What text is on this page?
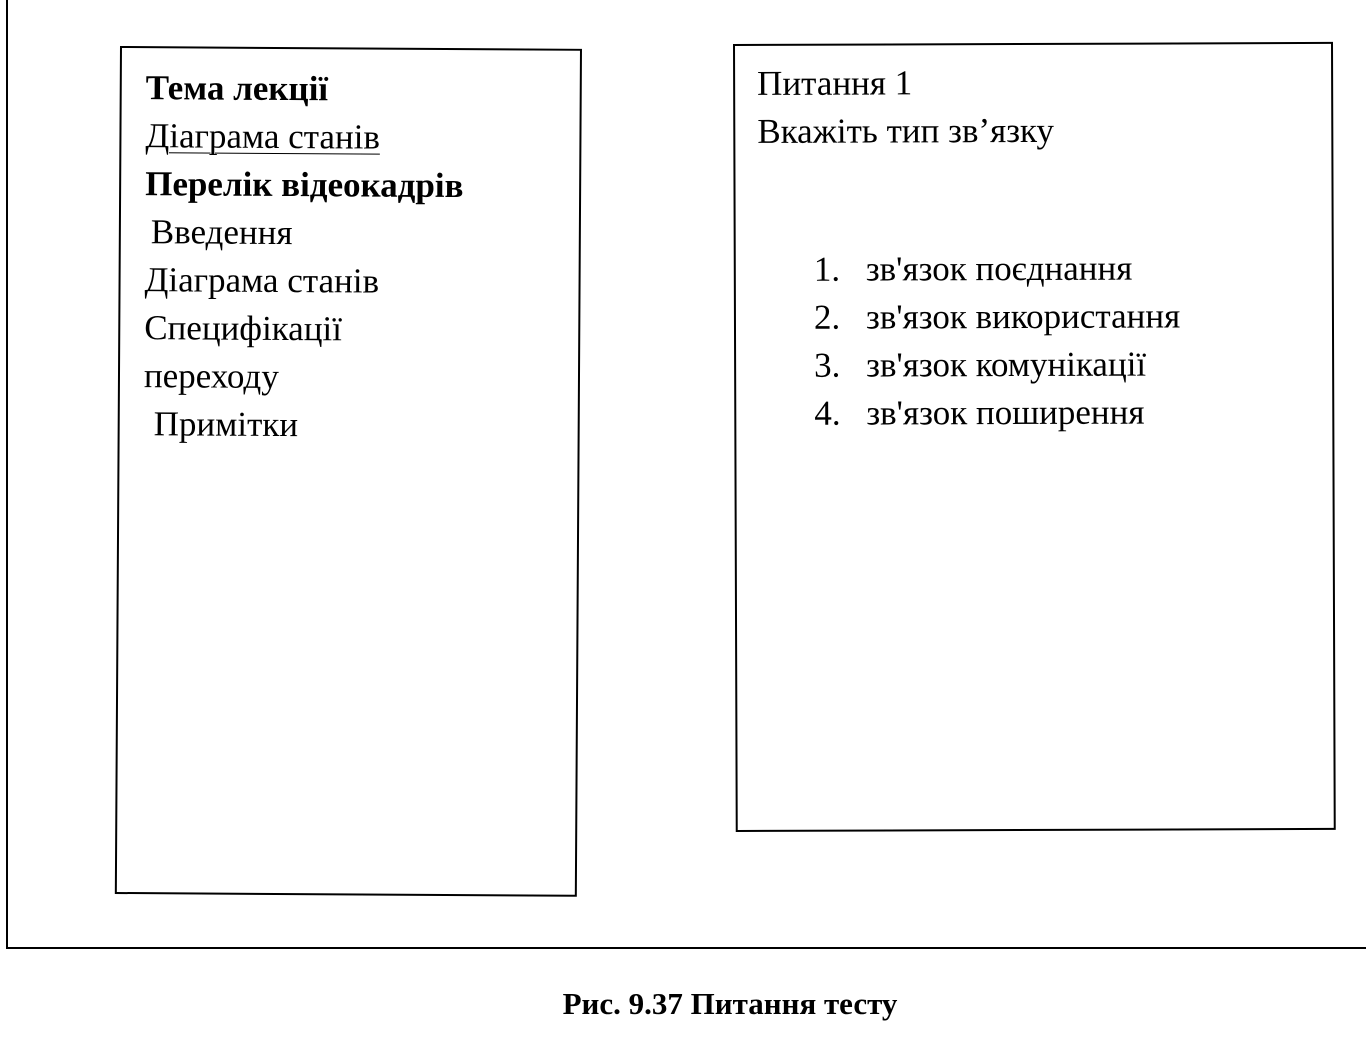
Тема лекції
Діаграма станів
Перелік відеокадрів
Введення
Діаграма станів
Специфікації
переходу
Примітки
Питання 1
Вкажіть тип зв’язку
1. зв'язок поєднання
2. зв'язок використання
3. зв'язок комунікації
4. зв'язок поширення
Рис. 9.37 Питання тесту
